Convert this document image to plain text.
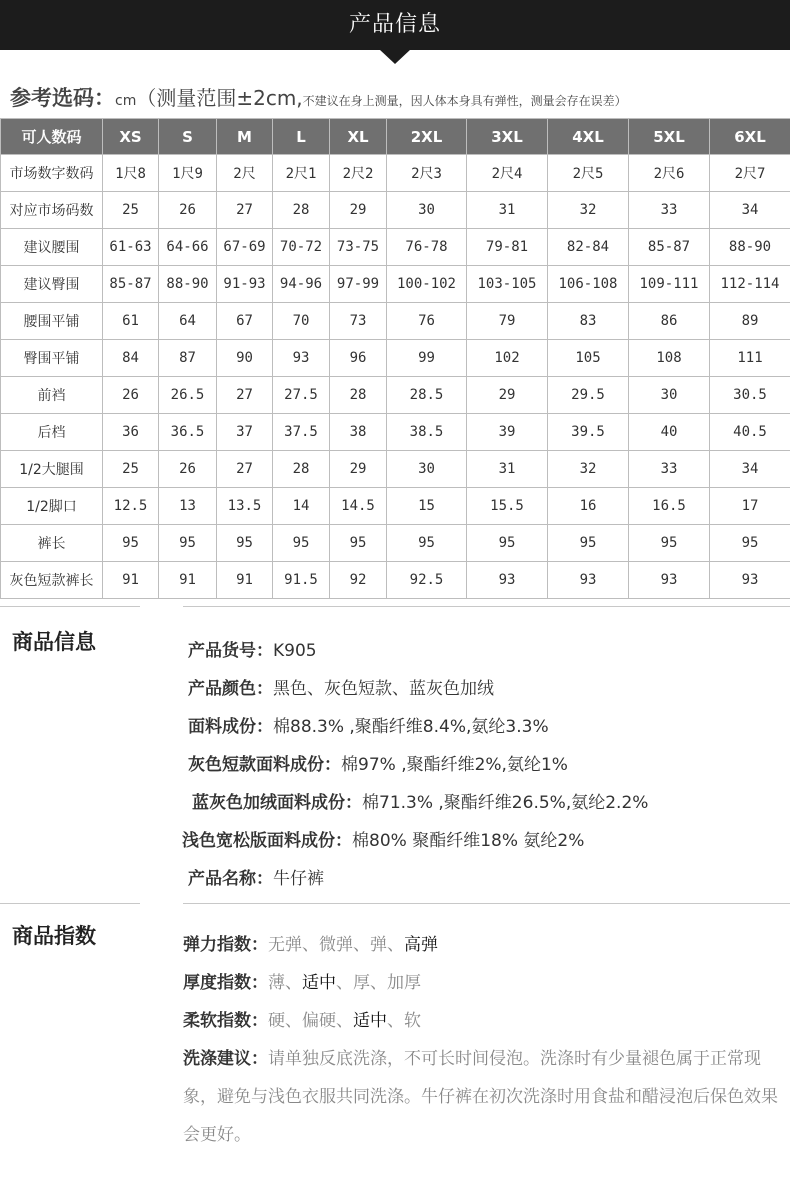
产品信息
参考选码：cm（测量范围±2cm,不建议在身上测量，因人体本身具有弹性，测量会存在误差）
可人数码	XS	S	M	L	XL	2XL	3XL	4XL	5XL	6XL
市场数字数码	1尺8	1尺9	2尺	2尺1	2尺2	2尺3	2尺4	2尺5	2尺6	2尺7
对应市场码数	25	26	27	28	29	30	31	32	33	34
建议腰围	61-63	64-66	67-69	70-72	73-75	76-78	79-81	82-84	85-87	88-90
建议臀围	85-87	88-90	91-93	94-96	97-99	100-102	103-105	106-108	109-111	112-114
腰围平铺	61	64	67	70	73	76	79	83	86	89
臀围平铺	84	87	90	93	96	99	102	105	108	111
前裆	26	26.5	27	27.5	28	28.5	29	29.5	30	30.5
后档	36	36.5	37	37.5	38	38.5	39	39.5	40	40.5
1/2大腿围	25	26	27	28	29	30	31	32	33	34
1/2脚口	12.5	13	13.5	14	14.5	15	15.5	16	16.5	17
裤长	95	95	95	95	95	95	95	95	95	95
灰色短款裤长	91	91	91	91.5	92	92.5	93	93	93	93
商品信息	产品货号：K905
产品颜色：黑色、灰色短款、蓝灰色加绒
面料成份：棉88.3% ,聚酯纤维8.4%,氨纶3.3%
灰色短款面料成份：棉97% ,聚酯纤维2%,氨纶1%
蓝灰色加绒面料成份：棉71.3% ,聚酯纤维26.5%,氨纶2.2%
浅色宽松版面料成份：棉80% 聚酯纤维18% 氨纶2%
产品名称：牛仔裤
商品指数	弹力指数：无弹、微弹、弹、高弹
厚度指数：薄、适中、厚、加厚
柔软指数：硬、偏硬、适中、软
洗涤建议：请单独反底洗涤，不可长时间侵泡。洗涤时有少量褪色属于正常现象，避免与浅色衣服共同洗涤。牛仔裤在初次洗涤时用食盐和醋浸泡后保色效果会更好。
